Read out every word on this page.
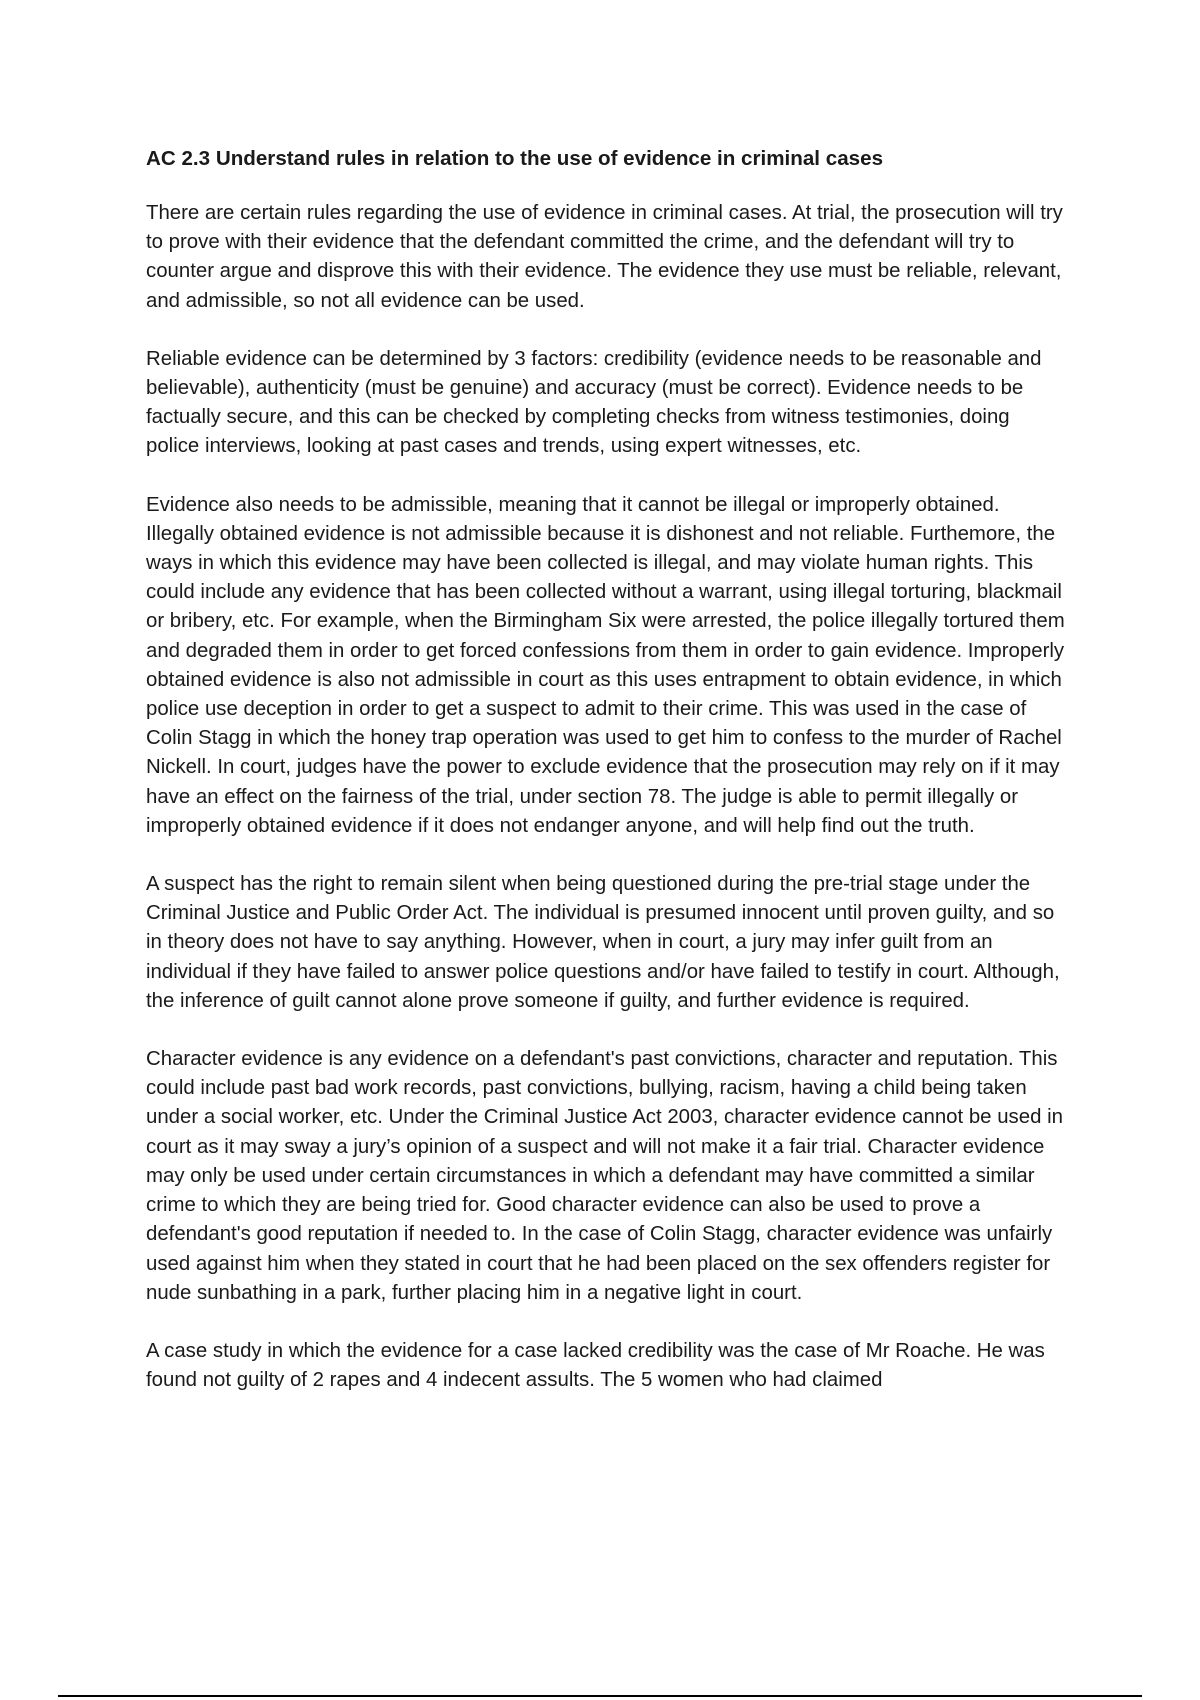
AC 2.3 Understand rules in relation to the use of evidence in criminal cases

There are certain rules regarding the use of evidence in criminal cases. At trial, the prosecution will try to prove with their evidence that the defendant committed the crime, and the defendant will try to counter argue and disprove this with their evidence. The evidence they use must be reliable, relevant, and admissible, so not all evidence can be used.

Reliable evidence can be determined by 3 factors: credibility (evidence needs to be reasonable and believable), authenticity (must be genuine) and accuracy (must be correct). Evidence needs to be factually secure, and this can be checked by completing checks from witness testimonies, doing police interviews, looking at past cases and trends, using expert witnesses, etc.

Evidence also needs to be admissible, meaning that it cannot be illegal or improperly obtained. Illegally obtained evidence is not admissible because it is dishonest and not reliable. Furthemore, the ways in which this evidence may have been collected is illegal, and may violate human rights. This could include any evidence that has been collected without a warrant, using illegal torturing, blackmail or bribery, etc. For example, when the Birmingham Six were arrested, the police illegally tortured them and degraded them in order to get forced confessions from them in order to gain evidence. Improperly obtained evidence is also not admissible in court as this uses entrapment to obtain evidence, in which police use deception in order to get a suspect to admit to their crime. This was used in the case of Colin Stagg in which the honey trap operation was used to get him to confess to the murder of Rachel Nickell. In court, judges have the power to exclude evidence that the prosecution may rely on if it may have an effect on the fairness of the trial, under section 78. The judge is able to permit illegally or improperly obtained evidence if it does not endanger anyone, and will help find out the truth.

A suspect has the right to remain silent when being questioned during the pre-trial stage under the Criminal Justice and Public Order Act. The individual is presumed innocent until proven guilty, and so in theory does not have to say anything. However, when in court, a jury may infer guilt from an individual if they have failed to answer police questions and/or have failed to testify in court. Although, the inference of guilt cannot alone prove someone if guilty, and further evidence is required.

Character evidence is any evidence on a defendant's past convictions, character and reputation. This could include past bad work records, past convictions, bullying, racism, having a child being taken under a social worker, etc. Under the Criminal Justice Act 2003, character evidence cannot be used in court as it may sway a jury’s opinion of a suspect and will not make it a fair trial. Character evidence may only be used under certain circumstances in which a defendant may have committed a similar crime to which they are being tried for. Good character evidence can also be used to prove a defendant's good reputation if needed to. In the case of Colin Stagg, character evidence was unfairly used against him when they stated in court that he had been placed on the sex offenders register for nude sunbathing in a park, further placing him in a negative light in court.

A case study in which the evidence for a case lacked credibility was the case of Mr Roache. He was found not guilty of 2 rapes and 4 indecent assults. The 5 women who had claimed
